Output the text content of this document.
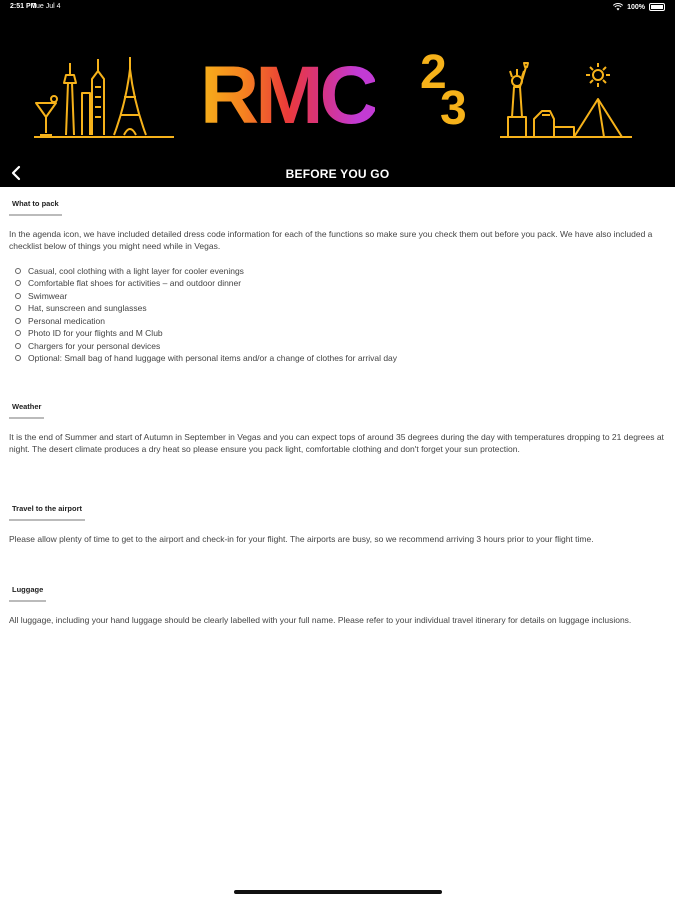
2:51 PM
Tue Jul 4	100%
RMC 2
3
BEFORE YOU GO
What to pack

In the agenda icon, we have included detailed dress code information for each of the functions so make sure you check them out before you pack. We have also included a checklist below of things you might need while in Vegas.

Casual, cool clothing with a light layer for cooler evenings
Comfortable flat shoes for activities – and outdoor dinner
Swimwear
Hat, sunscreen and sunglasses
Personal medication
Photo ID for your flights and M Club
Chargers for your personal devices
Optional: Small bag of hand luggage with personal items and/or a change of clothes for arrival day
Weather

It is the end of Summer and start of Autumn in September in Vegas and you can expect tops of around 35 degrees during the day with temperatures dropping to 21 degrees at night. The desert climate produces a dry heat so please ensure you pack light, comfortable clothing and don't forget your sun protection.

Travel to the airport

Please allow plenty of time to get to the airport and check-in for your flight. The airports are busy, so we recommend arriving 3 hours prior to your flight time.

Luggage

All luggage, including your hand luggage should be clearly labelled with your full name. Please refer to your individual travel itinerary for details on luggage inclusions.
